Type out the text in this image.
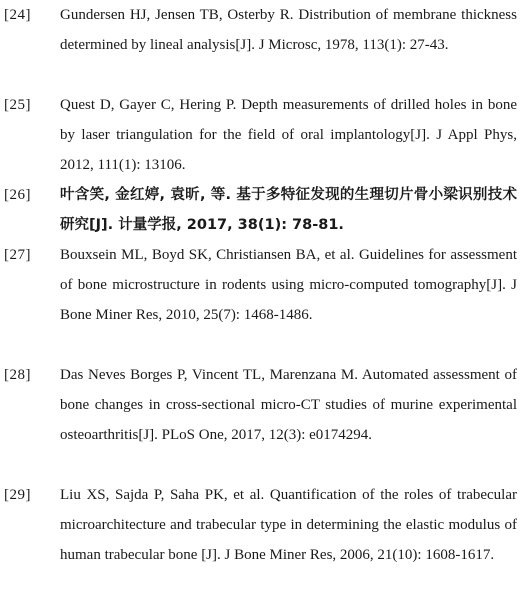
[24]	Gundersen HJ, Jensen TB, Osterby R. Distribution of membrane thickness determined by lineal analysis[J]. J Microsc, 1978, 113(1): 27-43.
[25]	Quest D, Gayer C, Hering P. Depth measurements of drilled holes in bone by laser triangulation for the field of oral implantology[J]. J Appl Phys, 2012, 111(1): 13106.
[26]	叶含笑, 金红婷, 袁昕, 等. 基于多特征发现的生理切片骨小梁识别技术研究[J]. 计量学报, 2017, 38(1): 78-81.
[27]	Bouxsein ML, Boyd SK, Christiansen BA, et al. Guidelines for assessment of bone microstructure in rodents using micro-computed tomography[J]. J Bone Miner Res, 2010, 25(7): 1468-1486.
[28]	Das Neves Borges P, Vincent TL, Marenzana M. Automated assessment of bone changes in cross-sectional micro-CT studies of murine experimental osteoarthritis[J]. PLoS One, 2017, 12(3): e0174294.
[29]	Liu XS, Sajda P, Saha PK, et al. Quantification of the roles of trabecular microarchitecture and trabecular type in determining the elastic modulus of human trabecular bone [J]. J Bone Miner Res, 2006, 21(10): 1608-1617.
